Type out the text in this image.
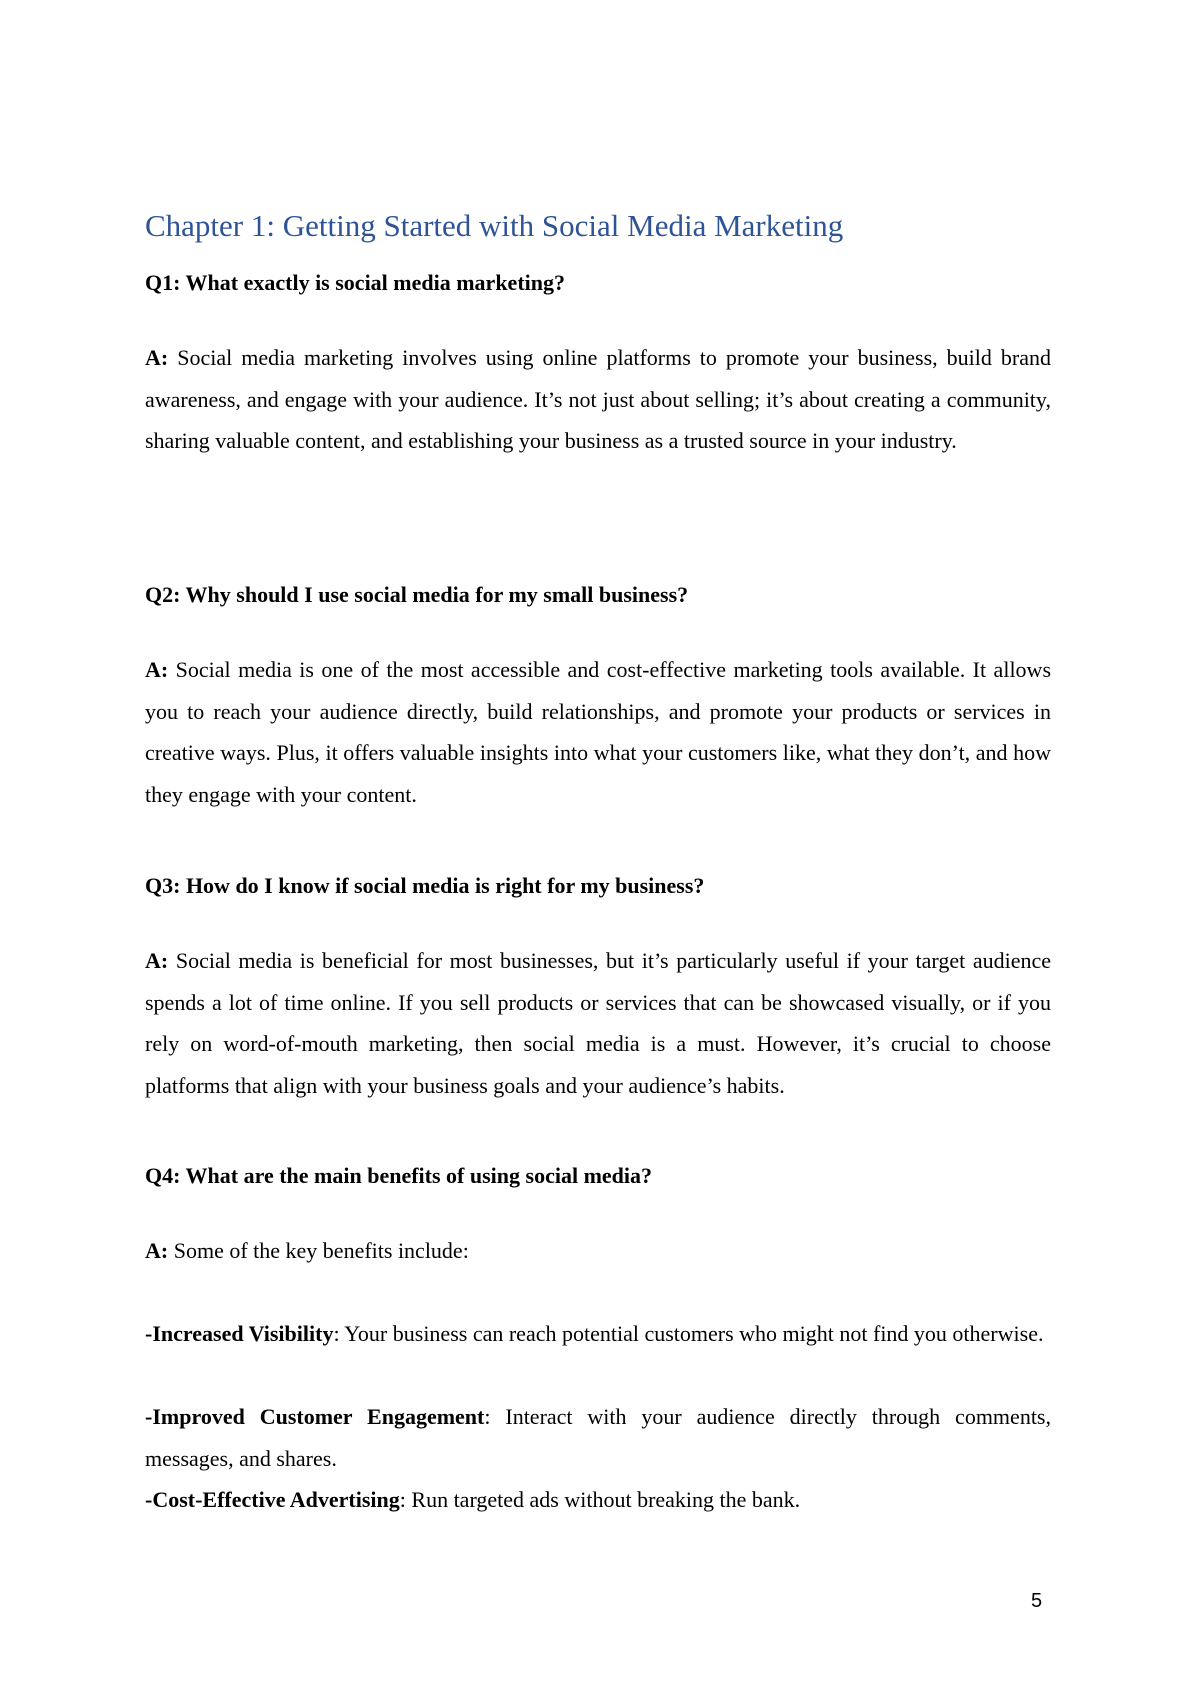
Chapter 1: Getting Started with Social Media Marketing

Q1: What exactly is social media marketing?

A: Social media marketing involves using online platforms to promote your business, build brand awareness, and engage with your audience. It’s not just about selling; it’s about creating a community, sharing valuable content, and establishing your business as a trusted source in your industry.

Q2: Why should I use social media for my small business?

A: Social media is one of the most accessible and cost-effective marketing tools available. It allows you to reach your audience directly, build relationships, and promote your products or services in creative ways. Plus, it offers valuable insights into what your customers like, what they don’t, and how they engage with your content.

Q3: How do I know if social media is right for my business?

A: Social media is beneficial for most businesses, but it’s particularly useful if your target audience spends a lot of time online. If you sell products or services that can be showcased visually, or if you rely on word-of-mouth marketing, then social media is a must. However, it’s crucial to choose platforms that align with your business goals and your audience’s habits.

Q4: What are the main benefits of using social media?

A: Some of the key benefits include:

-Increased Visibility: Your business can reach potential customers who might not find you otherwise.

-Improved Customer Engagement: Interact with your audience directly through comments, messages, and shares.

-Cost-Effective Advertising: Run targeted ads without breaking the bank.

5
